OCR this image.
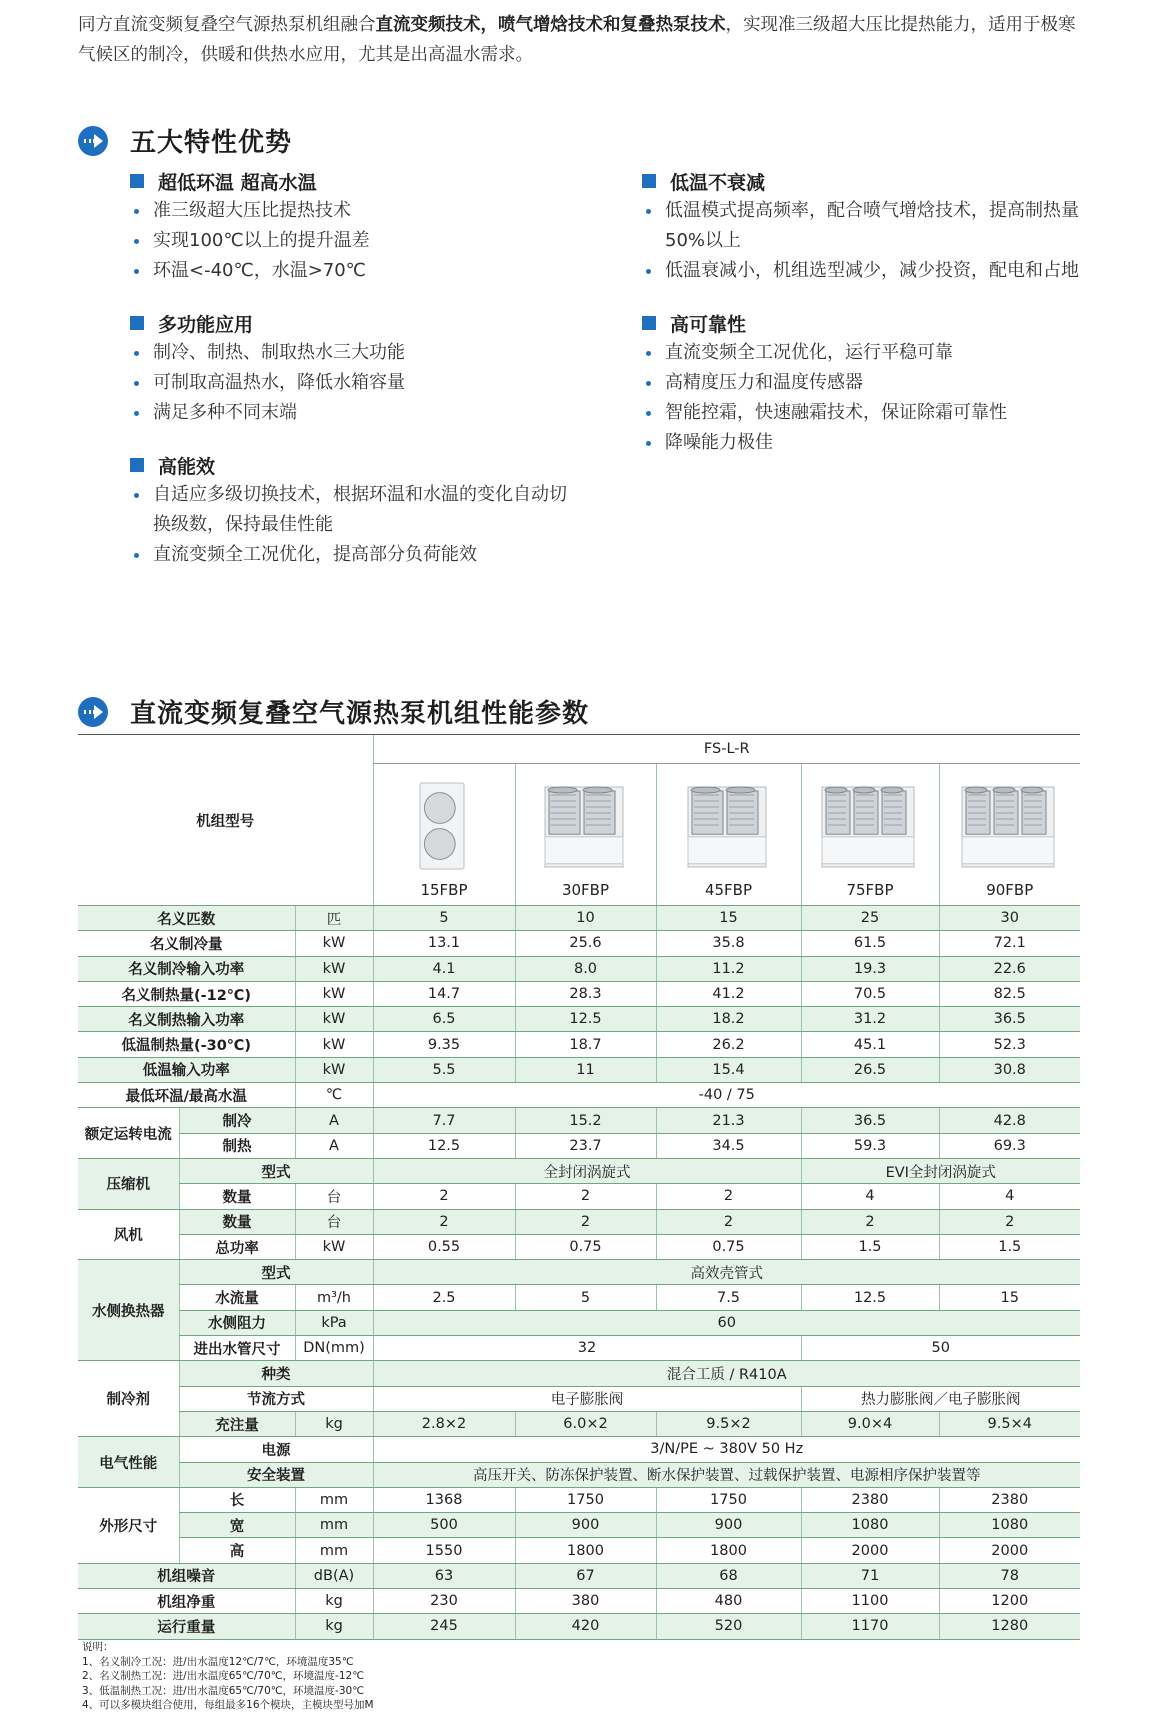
同方直流变频复叠空气源热泵机组融合直流变频技术，喷气增焓技术和复叠热泵技术，实现准三级超大压比提热能力，适用于极寒气候区的制冷，供暖和供热水应用，尤其是出高温水需求。
五大特性优势
超低环温 超高水温
准三级超大压比提热技术
实现100℃以上的提升温差
环温<-40℃，水温>70℃
多功能应用
制冷、制热、制取热水三大功能
可制取高温热水，降低水箱容量
满足多种不同末端
高能效
自适应多级切换技术，根据环温和水温的变化自动切换级数，保持最佳性能
直流变频全工况优化，提高部分负荷能效
低温不衰减
低温模式提高频率，配合喷气增焓技术，提高制热量50%以上
低温衰减小，机组选型减少，减少投资，配电和占地
高可靠性
直流变频全工况优化，运行平稳可靠
高精度压力和温度传感器
智能控霜，快速融霜技术，保证除霜可靠性
降噪能力极佳
直流变频复叠空气源热泵机组性能参数
机组型号			FS-L-R				

			15FBP	30FBP	45FBP	75FBP	90FBP

名义匹数		匹	5	10	15	25	30
名义制冷量		kW	13.1	25.6	35.8	61.5	72.1
名义制冷输入功率		kW	4.1	8.0	11.2	19.3	22.6
名义制热量(-12℃)		kW	14.7	28.3	41.2	70.5	82.5
名义制热输入功率		kW	6.5	12.5	18.2	31.2	36.5
低温制热量(-30℃)		kW	9.35	18.7	26.2	45.1	52.3
低温输入功率		kW	5.5	11	15.4	26.5	30.8
最低环温/最高水温		℃	-40 / 75				
额定运转电流	制冷	A	7.7	15.2	21.3	36.5	42.8
	制热	A	12.5	23.7	34.5	59.3	69.3
压缩机	型式		全封闭涡旋式			EVI全封闭涡旋式	
	数量	台	2	2	2	4	4
风机	数量	台	2	2	2	2	2
	总功率	kW	0.55	0.75	0.75	1.5	1.5
水侧换热器	型式		高效壳管式				
	水流量	m³/h	2.5	5	7.5	12.5	15
	水侧阻力	kPa	60				
	进出水管尺寸	DN(mm)	32			50	
制冷剂	种类		混合工质 / R410A				
	节流方式		电子膨胀阀			热力膨胀阀／电子膨胀阀	
	充注量	kg	2.8×2	6.0×2	9.5×2	9.0×4	9.5×4
电气性能	电源		3/N/PE ~ 380V 50 Hz				
	安全装置		高压开关、防冻保护装置、断水保护装置、过载保护装置、电源相序保护装置等				
外形尺寸	长	mm	1368	1750	1750	2380	2380
	宽	mm	500	900	900	1080	1080
	高	mm	1550	1800	1800	2000	2000
机组噪音		dB(A)	63	67	68	71	78
机组净重		kg	230	380	480	1100	1200
运行重量		kg	245	420	520	1170	1280
说明：
1、名义制冷工况：进/出水温度12℃/7℃，环境温度35℃
2、名义制热工况：进/出水温度65℃/70℃，环境温度-12℃
3、低温制热工况：进/出水温度65℃/70℃，环境温度-30℃
4、可以多模块组合使用，每组最多16个模块，主模块型号加M
